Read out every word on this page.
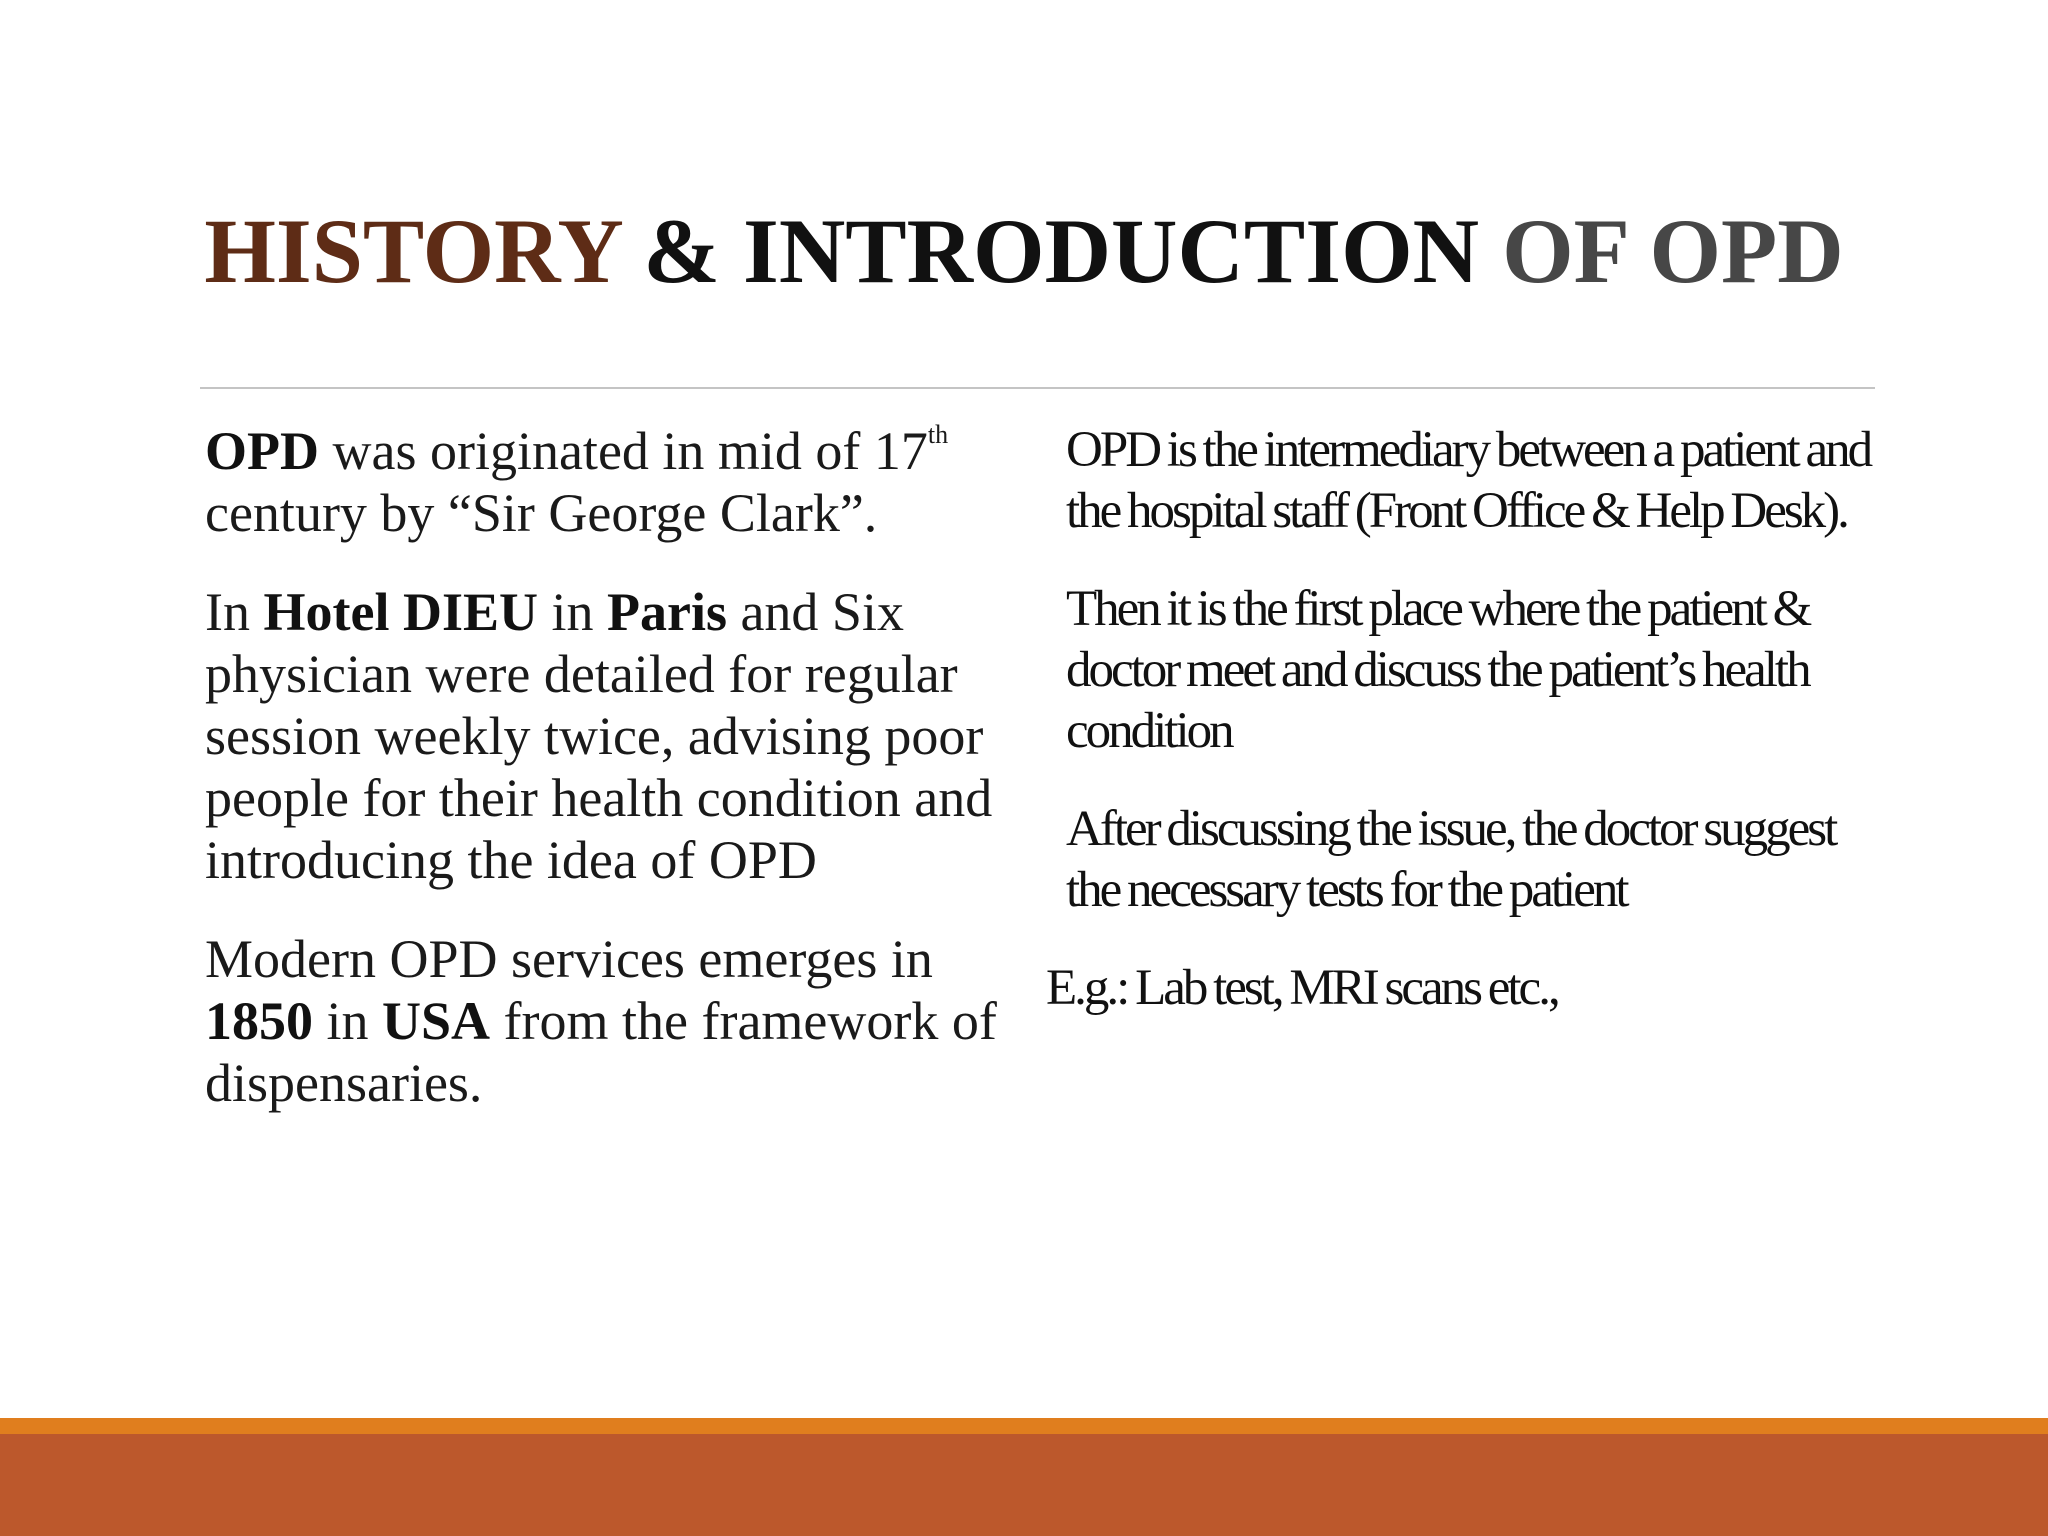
HISTORY & INTRODUCTION OF OPD

OPD was originated in mid of 17th century by “Sir George Clark”.

In Hotel DIEU in Paris and Six physician were detailed for regular session weekly twice, advising poor people for their health condition and introducing the idea of OPD

Modern OPD services emerges in 1850 in USA from the framework of dispensaries.

OPD is the intermediary between a patient and the hospital staff (Front Office & Help Desk).

Then it is the first place where the patient & doctor meet and discuss the patient’s health condition

After discussing the issue, the doctor suggest the necessary tests for the patient

E.g.: Lab test, MRI scans etc.,
